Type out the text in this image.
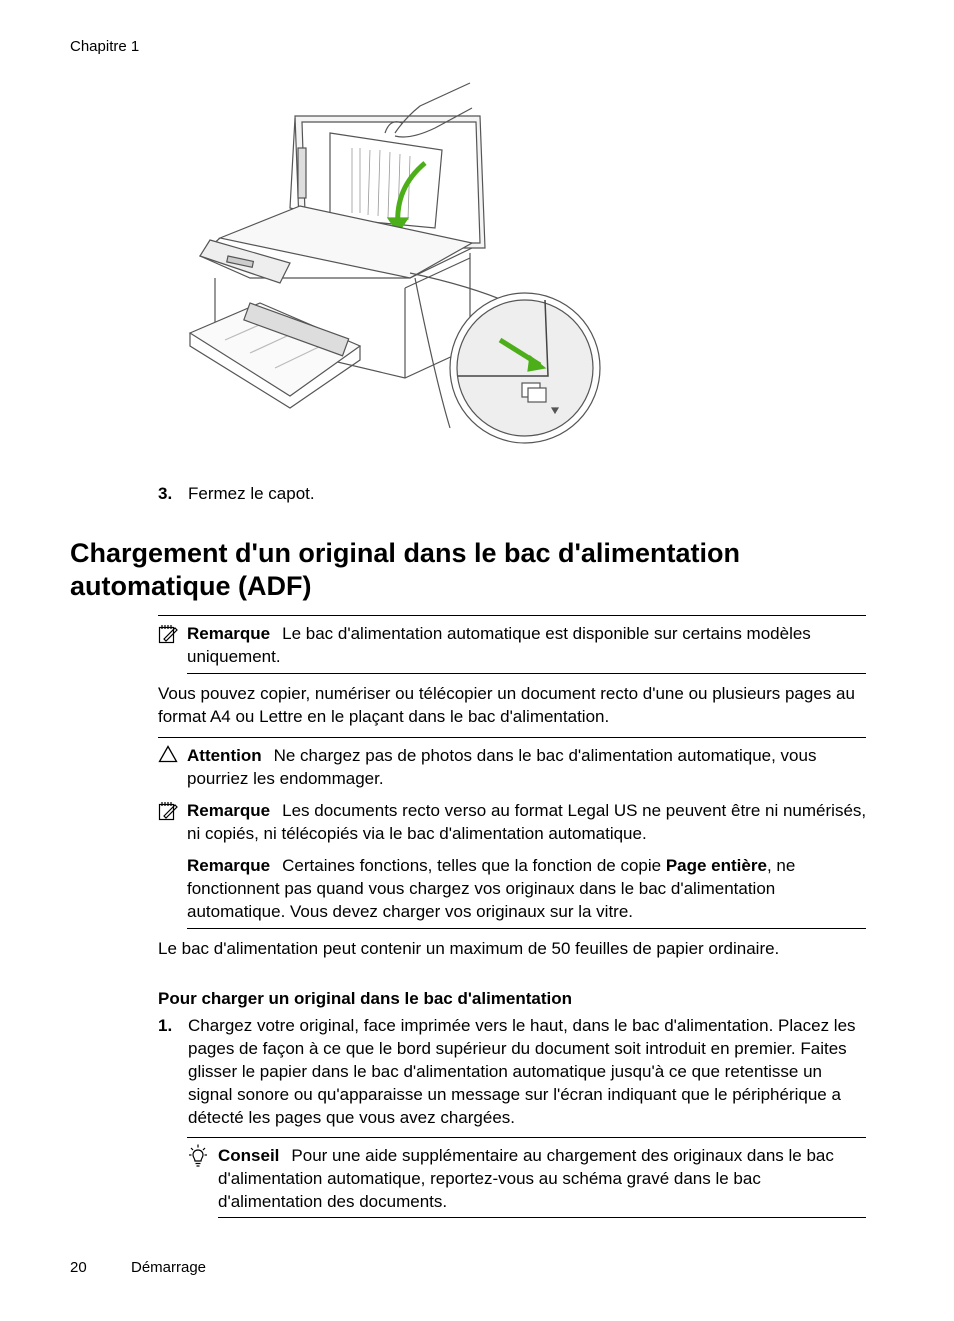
Chapitre 1
3. Fermez le capot.
Chargement d'un original dans le bac d'alimentation automatique (ADF)
Remarque Le bac d'alimentation automatique est disponible sur certains modèles uniquement.
Vous pouvez copier, numériser ou télécopier un document recto d'une ou plusieurs pages au format A4 ou Lettre en le plaçant dans le bac d'alimentation.
Attention Ne chargez pas de photos dans le bac d'alimentation automatique, vous pourriez les endommager.
Remarque Les documents recto verso au format Legal US ne peuvent être ni numérisés, ni copiés, ni télécopiés via le bac d'alimentation automatique.
Remarque Certaines fonctions, telles que la fonction de copie Page entière, ne fonctionnent pas quand vous chargez vos originaux dans le bac d'alimentation automatique. Vous devez charger vos originaux sur la vitre.
Le bac d'alimentation peut contenir un maximum de 50 feuilles de papier ordinaire.
Pour charger un original dans le bac d'alimentation
1. Chargez votre original, face imprimée vers le haut, dans le bac d'alimentation. Placez les pages de façon à ce que le bord supérieur du document soit introduit en premier. Faites glisser le papier dans le bac d'alimentation automatique jusqu'à ce que retentisse un signal sonore ou qu'apparaisse un message sur l'écran indiquant que le périphérique a détecté les pages que vous avez chargées.
Conseil Pour une aide supplémentaire au chargement des originaux dans le bac d'alimentation automatique, reportez-vous au schéma gravé dans le bac d'alimentation des documents.
20	Démarrage
